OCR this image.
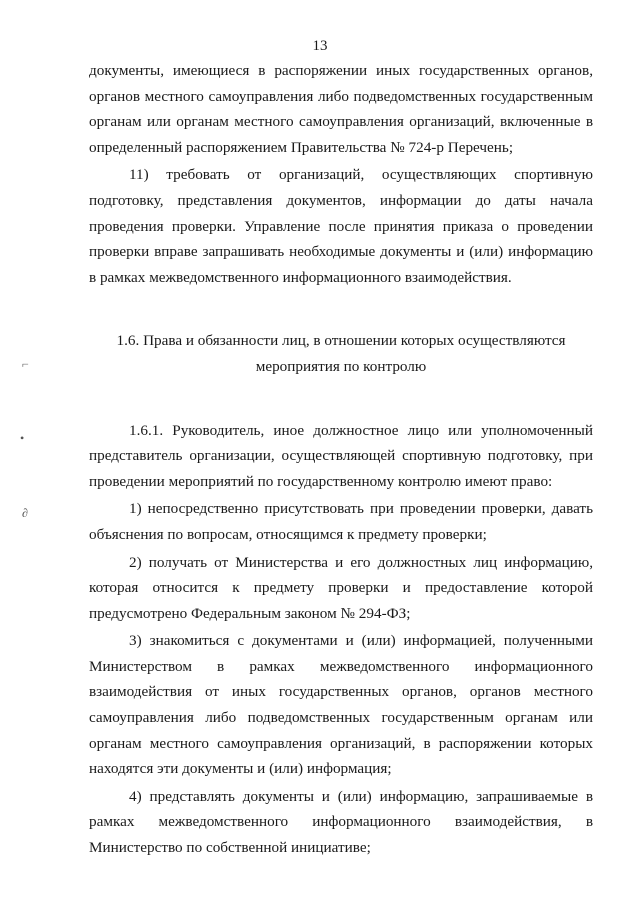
13

документы, имеющиеся в распоряжении иных государственных органов, органов местного самоуправления либо подведомственных государственным органам или органам местного самоуправления организаций, включенные в определенный распоряжением Правительства № 724-р Перечень;

11) требовать от организаций, осуществляющих спортивную подготовку, представления документов, информации до даты начала проведения проверки. Управление после принятия приказа о проведении проверки вправе запрашивать необходимые документы и (или) информацию в рамках межведомственного информационного взаимодействия.

1.6. Права и обязанности лиц, в отношении которых осуществляются
мероприятия по контролю

1.6.1. Руководитель, иное должностное лицо или уполномоченный представитель организации, осуществляющей спортивную подготовку, при проведении мероприятий по государственному контролю имеют право:

1) непосредственно присутствовать при проведении проверки, давать объяснения по вопросам, относящимся к предмету проверки;

2) получать от Министерства и его должностных лиц информацию, которая относится к предмету проверки и предоставление которой предусмотрено Федеральным законом № 294-ФЗ;

3) знакомиться с документами и (или) информацией, полученными Министерством в рамках межведомственного информационного взаимодействия от иных государственных органов, органов местного самоуправления либо подведомственных государственным органам или органам местного самоуправления организаций, в распоряжении которых находятся эти документы и (или) информация;

4) представлять документы и (или) информацию, запрашиваемые в рамках межведомственного информационного взаимодействия, в Министерство по собственной инициативе;

⌐
•
∂
